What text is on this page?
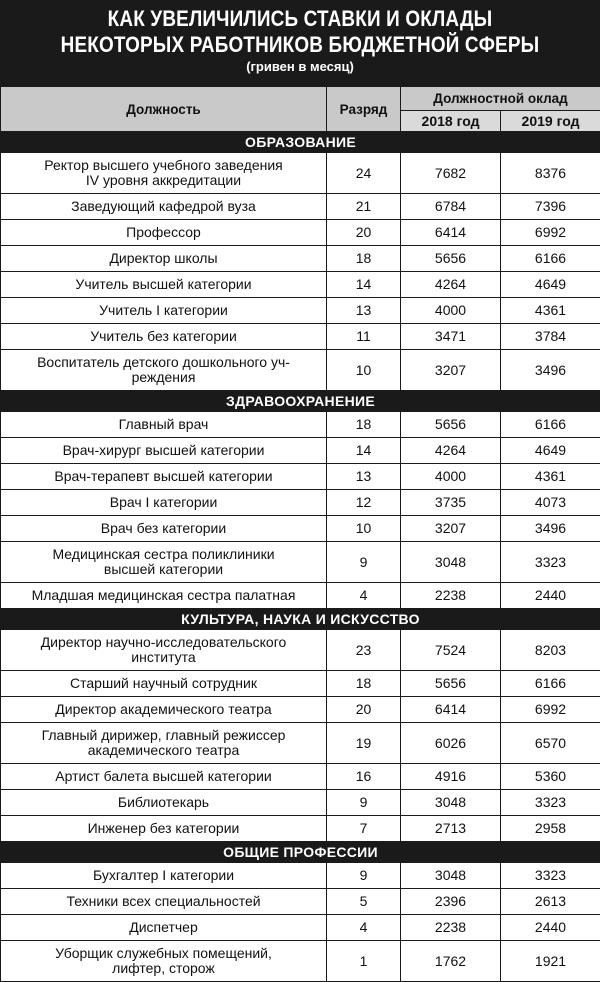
КАК УВЕЛИЧИЛИСЬ СТАВКИ И ОКЛАДЫ
НЕКОТОРЫХ РАБОТНИКОВ БЮДЖЕТНОЙ СФЕРЫ
(гривен в месяц)
Должность	Разряд	Должностной оклад	
		2018 год	2019 год
ОБРАЗОВАНИЕ			
Ректор высшего учебного заведения
IV уровня аккредитации	24	7682	8376
Заведующий кафедрой вуза	21	6784	7396
Профессор	20	6414	6992
Директор школы	18	5656	6166
Учитель высшей категории	14	4264	4649
Учитель I категории	13	4000	4361
Учитель без категории	11	3471	3784
Воспитатель детского дошкольного уч-
реждения	10	3207	3496
ЗДРАВООХРАНЕНИЕ			
Главный врач	18	5656	6166
Врач-хирург высшей категории	14	4264	4649
Врач-терапевт высшей категории	13	4000	4361
Врач I категории	12	3735	4073
Врач без категории	10	3207	3496
Медицинская сестра поликлиники
высшей категории	9	3048	3323
Младшая медицинская сестра палатная	4	2238	2440
КУЛЬТУРА, НАУКА И ИСКУССТВО			
Директор научно-исследовательского
института	23	7524	8203
Старший научный сотрудник	18	5656	6166
Директор академического театра	20	6414	6992
Главный дирижер, главный режиссер
академического театра	19	6026	6570
Артист балета высшей категории	16	4916	5360
Библиотекарь	9	3048	3323
Инженер без категории	7	2713	2958
ОБЩИЕ ПРОФЕССИИ			
Бухгалтер I категории	9	3048	3323
Техники всех специальностей	5	2396	2613
Диспетчер	4	2238	2440
Уборщик служебных помещений,
лифтер, сторож	1	1762	1921
